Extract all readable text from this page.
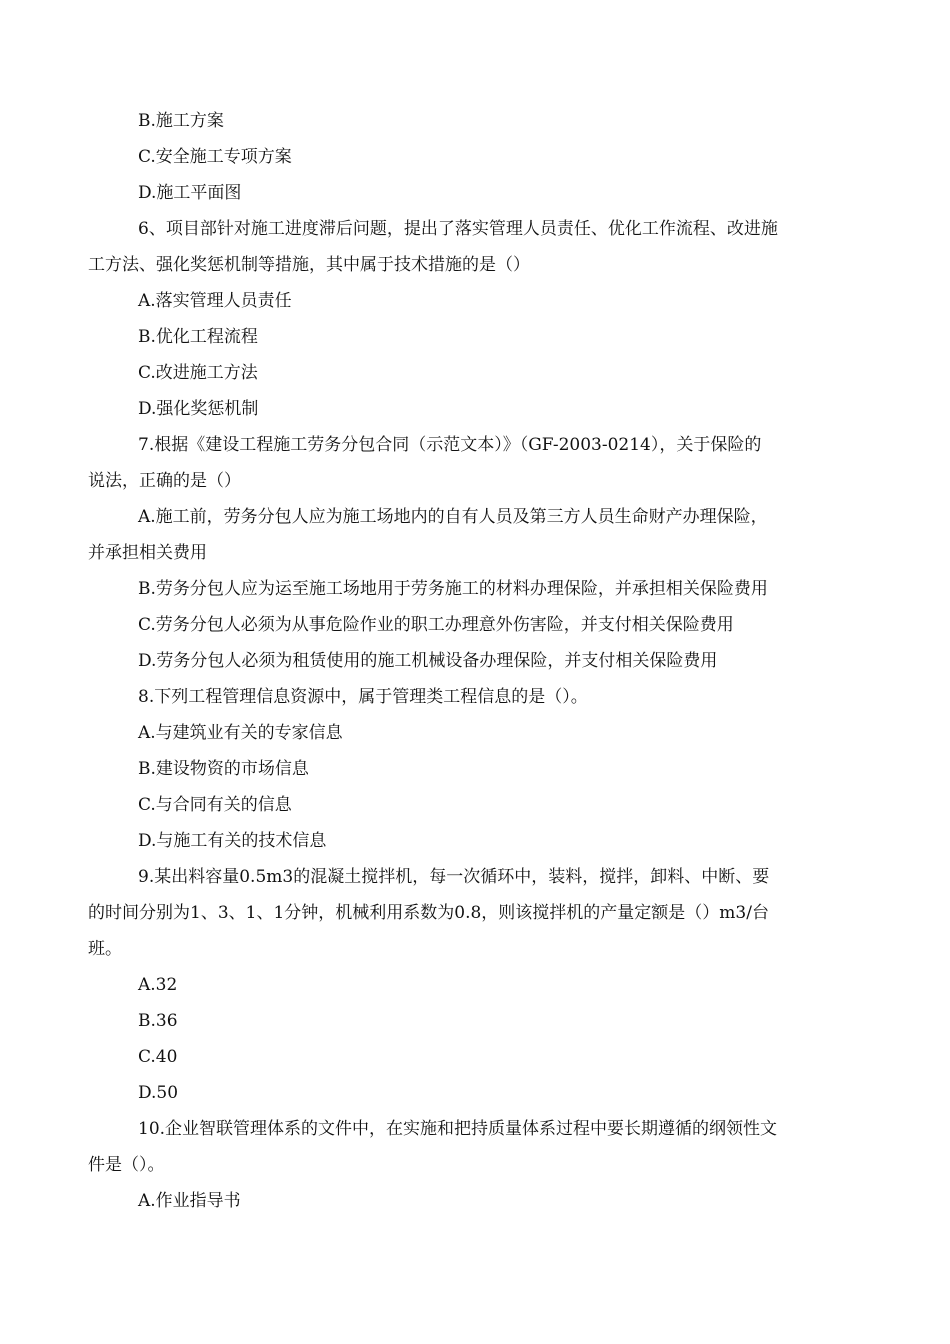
B.施工方案
C.安全施工专项方案
D.施工平面图
6、项目部针对施工进度滞后问题，提出了落实管理人员责任、优化工作流程、改进施
工方法、强化奖惩机制等措施，其中属于技术措施的是（）
A.落实管理人员责任
B.优化工程流程
C.改进施工方法
D.强化奖惩机制
7.根据《建设工程施工劳务分包合同（示范文本）》（GF-2003-0214），关于保险的
说法，正确的是（）
A.施工前，劳务分包人应为施工场地内的自有人员及第三方人员生命财产办理保险，
并承担相关费用
B.劳务分包人应为运至施工场地用于劳务施工的材料办理保险，并承担相关保险费用
C.劳务分包人必须为从事危险作业的职工办理意外伤害险，并支付相关保险费用
D.劳务分包人必须为租赁使用的施工机械设备办理保险，并支付相关保险费用
8.下列工程管理信息资源中，属于管理类工程信息的是（）。
A.与建筑业有关的专家信息
B.建设物资的市场信息
C.与合同有关的信息
D.与施工有关的技术信息
9.某出料容量0.5m3的混凝土搅拌机，每一次循环中，装料，搅拌，卸料、中断、要
的时间分别为1、3、1、1分钟，机械利用系数为0.8，则该搅拌机的产量定额是（）m3/台
班。
A.32
B.36
C.40
D.50
10.企业智联管理体系的文件中，在实施和把持质量体系过程中要长期遵循的纲领性文
件是（）。
A.作业指导书
